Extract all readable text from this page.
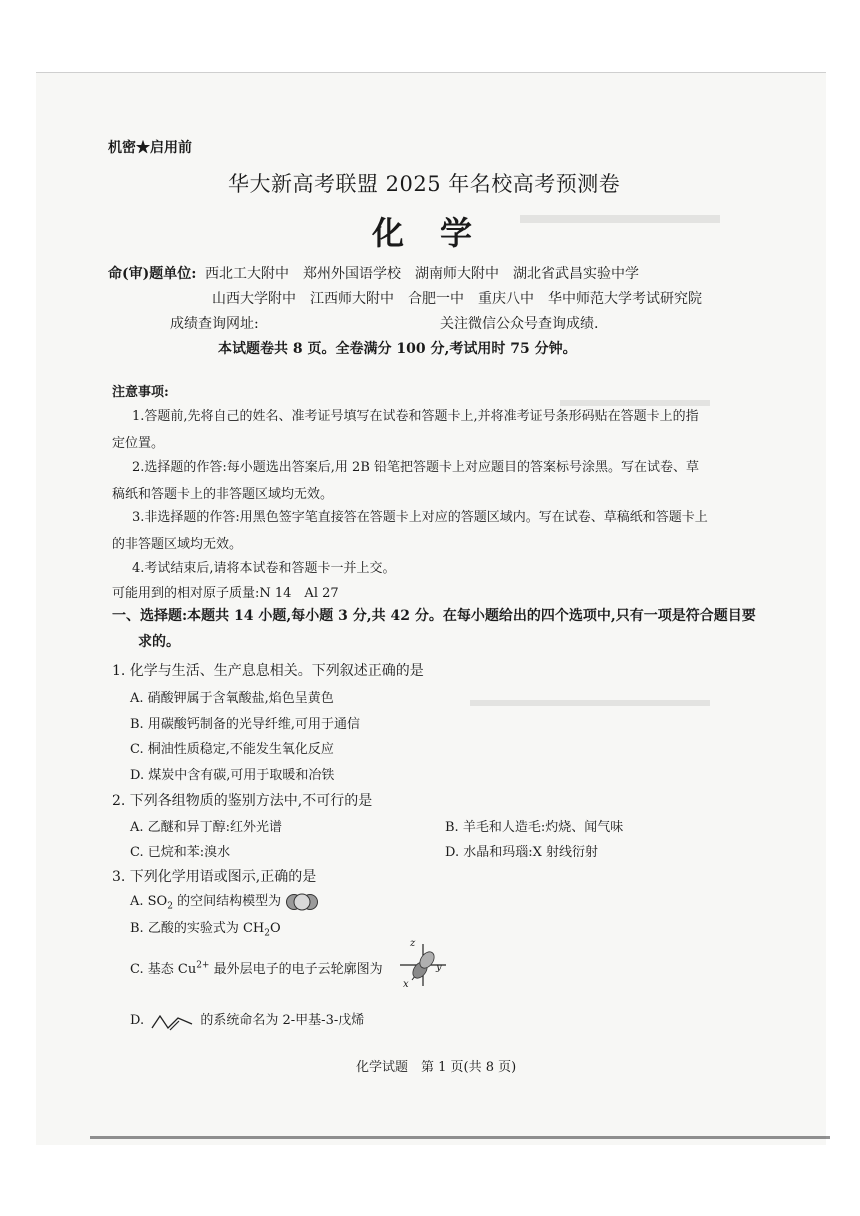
机密★启用前
华大新高考联盟 2025 年名校高考预测卷
化　学
命(审)题单位: 西北工大附中　郑州外国语学校　湖南师大附中　湖北省武昌实验中学
山西大学附中　江西师大附中　合肥一中　重庆八中　华中师范大学考试研究院
成绩查询网址:	关注微信公众号查询成绩.
本试题卷共 8 页。全卷满分 100 分,考试用时 75 分钟。
注意事项:
1.答题前,先将自己的姓名、准考证号填写在试卷和答题卡上,并将准考证号条形码贴在答题卡上的指
定位置。
2.选择题的作答:每小题选出答案后,用 2B 铅笔把答题卡上对应题目的答案标号涂黑。写在试卷、草
稿纸和答题卡上的非答题区域均无效。
3.非选择题的作答:用黑色签字笔直接答在答题卡上对应的答题区域内。写在试卷、草稿纸和答题卡上
的非答题区域均无效。
4.考试结束后,请将本试卷和答题卡一并上交。
可能用到的相对原子质量:N 14　Al 27
一、选择题:本题共 14 小题,每小题 3 分,共 42 分。在每小题给出的四个选项中,只有一项是符合题目要
求的。
1. 化学与生活、生产息息相关。下列叙述正确的是
A. 硝酸钾属于含氧酸盐,焰色呈黄色
B. 用碳酸钙制备的光导纤维,可用于通信
C. 桐油性质稳定,不能发生氧化反应
D. 煤炭中含有碳,可用于取暖和冶铁
2. 下列各组物质的鉴别方法中,不可行的是
A. 乙醚和异丁醇:红外光谱	B. 羊毛和人造毛:灼烧、闻气味
C. 已烷和苯:溴水	D. 水晶和玛瑙:X 射线衍射
3. 下列化学用语或图示,正确的是
A. $SO_2$ 的空间结构模型为
B. 乙酸的实验式为 $CH_2O$
C. 基态 $Cu^{2+}$ 最外层电子的电子云轮廓图为
z
y
x
D.	的系统命名为 2-甲基-3-戊烯
化学试题　第 1 页(共 8 页)
